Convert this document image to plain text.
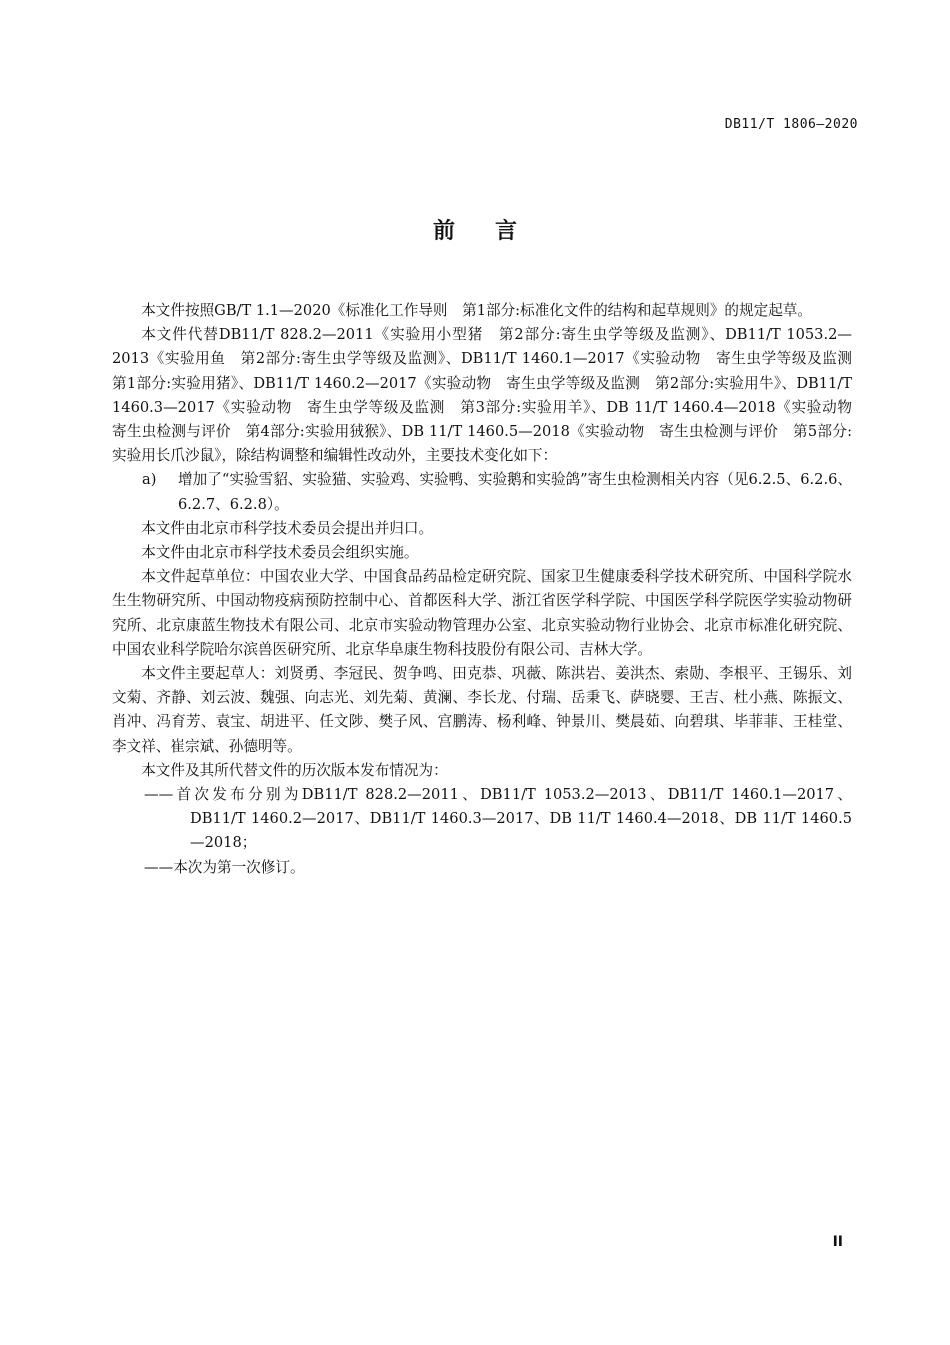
DB11/T 1806—2020
前言

本文件按照GB/T 1.1—2020《标准化工作导则　第1部分:标准化文件的结构和起草规则》的规定起草。

本文件代替DB11/T 828.2—2011《实验用小型猪　第2部分:寄生虫学等级及监测》、DB11/T 1053.2—2013《实验用鱼　第2部分:寄生虫学等级及监测》、DB11/T 1460.1—2017《实验动物　寄生虫学等级及监测　第1部分:实验用猪》、DB11/T 1460.2—2017《实验动物　寄生虫学等级及监测　第2部分:实验用牛》、DB11/T 1460.3—2017《实验动物　寄生虫学等级及监测　第3部分:实验用羊》、DB 11/T 1460.4—2018《实验动物　寄生虫检测与评价　第4部分:实验用狨猴》、DB 11/T 1460.5—2018《实验动物　寄生虫检测与评价　第5部分:实验用长爪沙鼠》，除结构调整和编辑性改动外，主要技术变化如下：

a)	增加了“实验雪貂、实验猫、实验鸡、实验鸭、实验鹅和实验鸽”寄生虫检测相关内容（见6.2.5、6.2.6、6.2.7、6.2.8）。

本文件由北京市科学技术委员会提出并归口。

本文件由北京市科学技术委员会组织实施。

本文件起草单位：中国农业大学、中国食品药品检定研究院、国家卫生健康委科学技术研究所、中国科学院水生生物研究所、中国动物疫病预防控制中心、首都医科大学、浙江省医学科学院、中国医学科学院医学实验动物研究所、北京康蓝生物技术有限公司、北京市实验动物管理办公室、北京实验动物行业协会、北京市标准化研究院、中国农业科学院哈尔滨兽医研究所、北京华阜康生物科技股份有限公司、吉林大学。

本文件主要起草人：刘贤勇、李冠民、贺争鸣、田克恭、巩薇、陈洪岩、姜洪杰、索勋、李根平、王锡乐、刘文菊、齐静、刘云波、魏强、向志光、刘先菊、黄澜、李长龙、付瑞、岳秉飞、萨晓婴、王吉、杜小燕、陈振文、肖冲、冯育芳、袁宝、胡进平、任文陟、樊子风、宫鹏涛、杨利峰、钟景川、樊晨茹、向碧琪、毕菲菲、王桂堂、李文祥、崔宗斌、孙德明等。

本文件及其所代替文件的历次版本发布情况为：

——首次发布分别为DB11/T 828.2—2011、DB11/T 1053.2—2013、DB11/T 1460.1—2017、DB11/T 1460.2—2017、DB11/T 1460.3—2017、DB 11/T 1460.4—2018、DB 11/T 1460.5—2018；
——本次为第一次修订。
II
